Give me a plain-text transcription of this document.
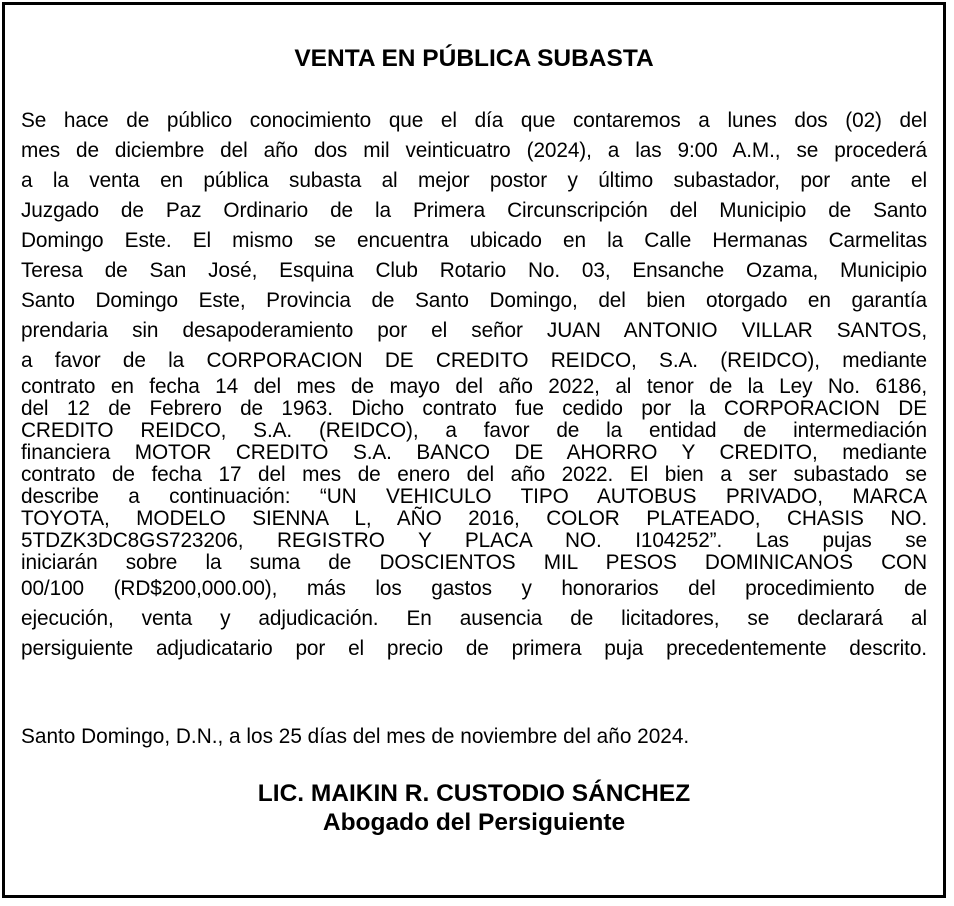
VENTA EN PÚBLICA SUBASTA
Se hace de público conocimiento que el día que contaremos a lunes dos (02) del
mes de diciembre del año dos mil veinticuatro (2024), a las 9:00 A.M., se procederá
a la venta en pública subasta al mejor postor y último subastador, por ante el
Juzgado de Paz Ordinario de la Primera Circunscripción del Municipio de Santo
Domingo Este. El mismo se encuentra ubicado en la Calle Hermanas Carmelitas
Teresa de San José, Esquina Club Rotario No. 03, Ensanche Ozama, Municipio
Santo Domingo Este, Provincia de Santo Domingo, del bien otorgado en garantía
prendaria sin desapoderamiento por el señor JUAN ANTONIO VILLAR SANTOS,
a favor de la CORPORACION DE CREDITO REIDCO, S.A. (REIDCO), mediante
contrato en fecha 14 del mes de mayo del año 2022, al tenor de la Ley No. 6186,
del 12 de Febrero de 1963. Dicho contrato fue cedido por la CORPORACION DE
CREDITO REIDCO, S.A. (REIDCO), a favor de la entidad de intermediación
financiera MOTOR CREDITO S.A. BANCO DE AHORRO Y CREDITO, mediante
contrato de fecha 17 del mes de enero del año 2022. El bien a ser subastado se
describe a continuación: “UN VEHICULO TIPO AUTOBUS PRIVADO, MARCA
TOYOTA, MODELO SIENNA L, AÑO 2016, COLOR PLATEADO, CHASIS NO.
5TDZK3DC8GS723206, REGISTRO Y PLACA NO. I104252”. Las pujas se
iniciarán sobre la suma de DOSCIENTOS MIL PESOS DOMINICANOS CON
00/100 (RD$200,000.00), más los gastos y honorarios del procedimiento de
ejecución, venta y adjudicación. En ausencia de licitadores, se declarará al
persiguiente adjudicatario por el precio de primera puja precedentemente descrito.

Santo Domingo, D.N., a los 25 días del mes de noviembre del año 2024.

LIC. MAIKIN R. CUSTODIO SÁNCHEZ

Abogado del Persiguiente
